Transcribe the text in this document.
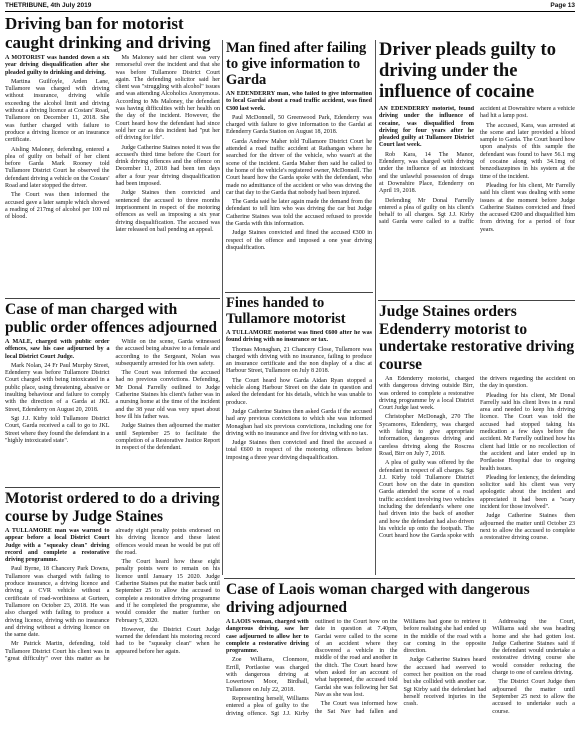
THETRIBUNE, 4th July 2019	Page 13
Driving ban for motorist caught drinking and driving

A MOTORIST was handed down a six year driving disqualification after she pleaded guilty to drinking and driving.

Martina Guilfoyle, Arden Lane, Tullamore was charged with driving without insurance, driving while exceeding the alcohol limit and driving without a driving licence at Costars' Road, Tullamore on December 11, 2018. She was further charged with failure to produce a driving licence or an insurance certificate.

Aisling Maloney, defending, entered a plea of guilty on behalf of her client before Garda Mark Rooney told Tullamore District Court he observed the defendant driving a vehicle on the Costars' Road and later stopped the driver.

The Court was then informed the accused gave a later sample which showed a reading of 217mg of alcohol per 100 ml of blood.

Ms Maloney said her client was very remorseful over the incident and that she was before Tullamore District Court again. The defending solicitor said her client was "struggling with alcohol" issues and was attending Alcoholics Anonymous. According to Ms Maloney, the defendant was having difficulties with her health on the day of the incident. However, the Court heard how the defendant had since sold her car as this incident had "put her off driving for life".

Judge Catherine Staines noted it was the accused's third time before the Court for drink driving offences and the offence on December 11, 2018 had been ten days after a four year driving disqualification had been imposed.

Judge Staines then convicted and sentenced the accused to three months imprisonment in respect of the motoring offences as well as imposing a six year driving disqualification. The accused was later released on bail pending an appeal.

Man fined after failing to give information to Garda

AN EDENDERRY man, who failed to give information to local Gardai about a road traffic accident, was fined €300 last week.

Paul McDonnell, 50 Greenwood Park, Edenderry was charged with failure to give information to the Gardai at Edenderry Garda Station on August 18, 2018.

Garda Andrew Maher told Tullamore District Court he attended a road traffic accident at Rathangan where he searched for the driver of the vehicle, who wasn't at the scene of the incident. Garda Maher then said he called to the home of the vehicle's registered owner, McDonnell. The Court heard how the Garda spoke with the defendant, who made no admittance of the accident or who was driving the car that day to the Garda that nobody had been injured.

The Garda said he later again made the demand from the defendant to tell him who was driving the car but Judge Catherine Staines was told the accused refused to provide the Garda with this information.

Judge Staines convicted and fined the accused €300 in respect of the offence and imposed a one year driving disqualification.

Driver pleads guilty to driving under the influence of cocaine

AN EDENDERRY motorist, found driving under the influence of cocaine, was disqualified from driving for four years after he pleaded guilty at Tullamore District Court last week.

Rob Kara, 14 The Manor, Edenderry, was charged with driving under the influence of an intoxicant and the unlawful possession of drugs at Downshire Place, Edenderry on April 19, 2018.

Defending Mr Donal Farrelly entered a plea of guilty on his client's behalf to all charges. Sgt J.J. Kirby said Garda were called to a traffic accident at Downshire where a vehicle had hit a lamp post.

The accused, Kara, was arrested at the scene and later provided a blood sample to Garda. The Court heard how upon analysis of this sample the defendant was found to have 56.1 mg of cocaine along with 34.1mg of benzodiazepines in his system at the time of the incident.

Pleading for his client, Mr Farrelly said his client was dealing with some issues at the moment before Judge Catherine Staines convicted and fined the accused €200 and disqualified him from driving for a period of four years.

Case of man charged with public order offences adjourned

A MALE, charged with public order offences, saw his case adjourned by a local District Court Judge.

Mark Nolan, 24 Fr Paul Murphy Street, Edenderry was before Tullamore District Court charged with being intoxicated in a public place, using threatening, abusive or insulting behaviour and failure to comply with the direction of a Garda at JKL Street, Edenderry on August 20, 2018.

Sgt J.J. Kirby told Tullamore District Court, Garda received a call to go to JKL Street where they found the defendant in a "highly intoxicated state".

While on the scene, Garda witnessed the accused being abusive to a female and according to the Sergeant, Nolan was subsequently arrested for his own safety.

The Court was informed the accused had no previous convictions. Defending, Mr Donal Farrelly outlined to Judge Catherine Staines his client's father was in a nursing home at the time of the incident and the 38 year old was very upset about how ill his father was.

Judge Staines then adjourned the matter until September 25 to facilitate the completion of a Restorative Justice Report in respect of the defendant.

Fines handed to Tullamore motorist

A TULLAMORE motorist was fined €600 after he was found driving with no insurance or tax.

Thomas Monaghan, 21 Chancery Close, Tullamore was charged with driving with no insurance, failing to produce an insurance certificate and the non display of a disc at Harbour Street, Tullamore on July 8 2018.

The Court heard how Garda Aidan Ryan stopped a vehicle along Harbour Street on the date in question and asked the defendant for his details, which he was unable to produce.

Judge Catherine Staines then asked Garda if the accused had any previous convictions to which she was informed Monaghan had six previous convictions, including one for driving with no insurance and five for driving with no tax.

Judge Staines then convicted and fined the accused a total €600 in respect of the motoring offences before imposing a three year driving disqualification.

Judge Staines orders Edenderry motorist to undertake restorative driving course

An Edenderry motorist, charged with dangerous driving outside Birr, was ordered to complete a restorative driving programme by a local District Court Judge last week.

Christopher McDonagh, 270 The Sycamores, Edenderry, was charged with failing to give appropriate information, dangerous driving and careless driving along the Roscrea Road, Birr on July 7, 2018.

A plea of guilty was offered by the defendant in respect of all charges. Sgt J.J. Kirby told Tullamore District Court how on the date in question Garda attended the scene of a road traffic accident involving two vehicles including the defendant's where one had driven into the back of another and how the defendant had also driven his vehicle up onto the footpath. The Court heard how the Garda spoke with the drivers regarding the accident on the day in question.

Pleading for his client, Mr Donal Farrelly said his client lives in a rural area and needed to keep his driving licence. The Court was told the accused had stopped taking his medication a few days before the accident. Mr Farrelly outlined how his client had little or no recollection of the accident and later ended up in Portlaoise Hospital due to ongoing health issues.

Pleading for leniency, the defending solicitor said his client was very apologetic about the incident and appreciated it had been a "scary incident for those involved".

Judge Catherine Staines then adjourned the matter until October 23 next to allow the accused to complete a restorative driving course.

Motorist ordered to do a driving course by Judge Staines

A TULLAMORE man was warned to appear before a local District Court Judge with a "squeaky clean" driving record and complete a restorative driving programme.

Paul Byrne, 18 Chancery Park Downs, Tullamore was charged with failing to produce insurance, a driving licence and driving a CVR vehicle without a certificate of road-worthiness at Gurteen, Tullamore on October 23, 2018. He was also charged with failing to produce a driving licence, driving with no insurance and driving without a driving licence on the same date.

Mr Patrick Martin, defending, told Tullamore District Court his client was in "great difficulty" over this matter as he already eight penalty points endorsed on his driving licence and these latest offences would mean he would be put off the road.

The Court heard how these eight penalty points were to remain on his licence until January 15 2020. Judge Catherine Staines put the matter back until September 25 to allow the accused to complete a restorative driving programme and if he completed the programme, she would consider the matter further on February 5, 2020.

However, the District Court Judge warned the defendant his motoring record had to be "squeaky clean" when he appeared before her again.

Case of Laois woman charged with dangerous driving adjourned

A LAOIS woman, charged with dangerous driving, saw her case adjourned to allow her to complete a restorative driving programme.

Zoe Williams, Clonmore, Errill, Portlaoise was charged with dangerous driving at Lowertown Moor, Birdhall, Tullamore on July 22, 2018.

Representing herself, Williams entered a plea of guilty to the driving offence. Sgt J.J. Kirby outlined to the Court how on the date in question at 7.40pm, Gardai were called to the scene of an accident where they discovered a vehicle in the middle of the road and another in the ditch. The Court heard how when asked for an account of what happened, the accused told Gardai she was following her Sat Nav as she was lost.

The Court was informed how the Sat Nav had fallen and Williams had gone to retrieve it before realising she had ended up in the middle of the road with a car coming in the opposite direction.

Judge Catherine Staines heard the accused had swerved to correct her position on the road but she collided with another car. Sgt Kirby said the defendant had herself received injuries in the crash.

Addressing the Court, Williams said she was heading home and she had gotten lost. Judge Catherine Staines said if the defendant would undertake a restorative driving course she would consider reducing the charge to one of careless driving.

The District Court Judge then adjourned the matter until September 25 next to allow the accused to undertake such a course.
